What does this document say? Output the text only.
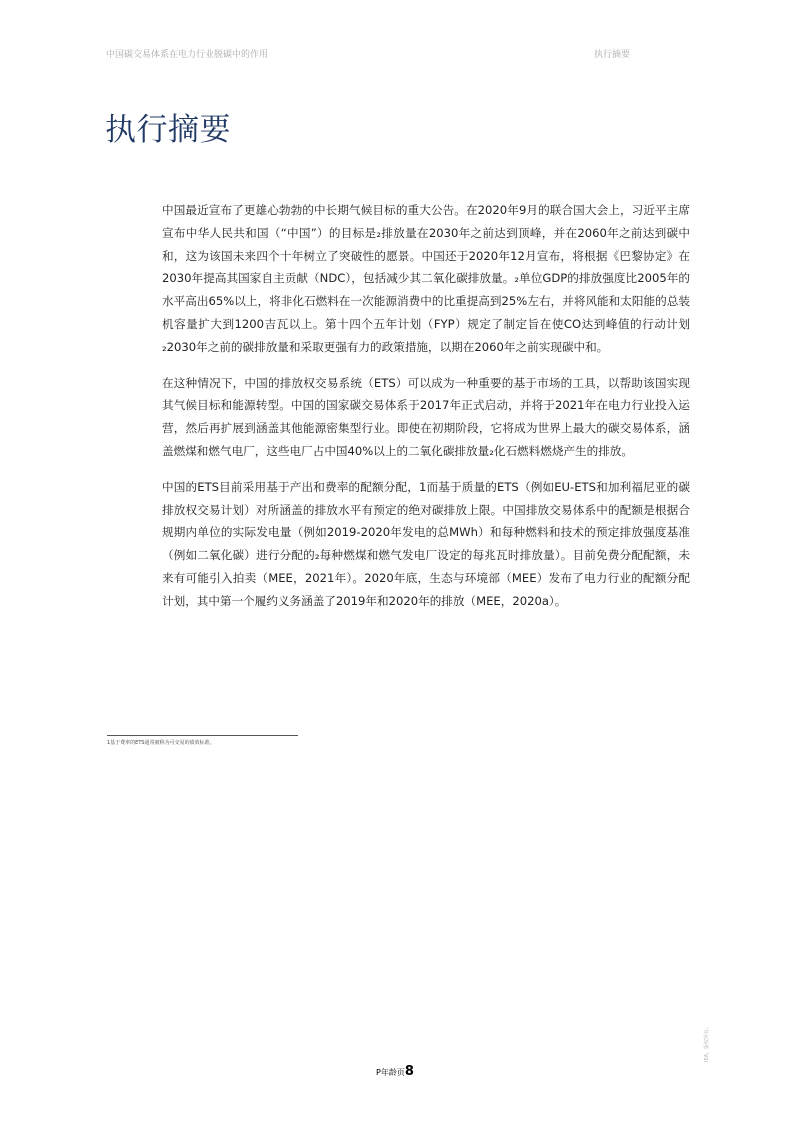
中国碳交易体系在电力行业脱碳中的作用	执行摘要
执行摘要

中国最近宣布了更雄心勃勃的中长期气候目标的重大公告。在2020年9月的联合国大会上，习近平主席宣布中华人民共和国（“中国”）的目标是₂排放量在2030年之前达到顶峰，并在2060年之前达到碳中和，这为该国未来四个十年树立了突破性的愿景。中国还于2020年12月宣布，将根据《巴黎协定》在2030年提高其国家自主贡献（NDC），包括减少其二氧化碳排放量。₂单位GDP的排放强度比2005年的水平高出65%以上，将非化石燃料在一次能源消费中的比重提高到25%左右，并将风能和太阳能的总装机容量扩大到1200吉瓦以上。第十四个五年计划（FYP）规定了制定旨在使CO达到峰值的行动计划₂2030年之前的碳排放量和采取更强有力的政策措施，以期在2060年之前实现碳中和。

在这种情况下，中国的排放权交易系统（ETS）可以成为一种重要的基于市场的工具，以帮助该国实现其气候目标和能源转型。中国的国家碳交易体系于2017年正式启动，并将于2021年在电力行业投入运营，然后再扩展到涵盖其他能源密集型行业。即使在初期阶段，它将成为世界上最大的碳交易体系，涵盖燃煤和燃气电厂，这些电厂占中国40%以上的二氧化碳排放量₂化石燃料燃烧产生的排放。

中国的ETS目前采用基于产出和费率的配额分配，1而基于质量的ETS（例如EU-ETS和加利福尼亚的碳排放权交易计划）对所涵盖的排放水平有预定的绝对碳排放上限。中国排放交易体系中的配额是根据合规期内单位的实际发电量（例如2019-2020年发电的总MWh）和每种燃料和技术的预定排放强度基准（例如二氧化碳）进行分配的₂每种燃煤和燃气发电厂设定的每兆瓦时排放量）。目前免费分配配额，未来有可能引入拍卖（MEE，2021年）。2020年底，生态与环境部（MEE）发布了电力行业的配额分配计划，其中第一个履约义务涵盖了2019年和2020年的排放（MEE，2020a）。

1基于费率的ETS通常被称为可交易的绩效标准。
P年龄页8
IEA。版权所有。
